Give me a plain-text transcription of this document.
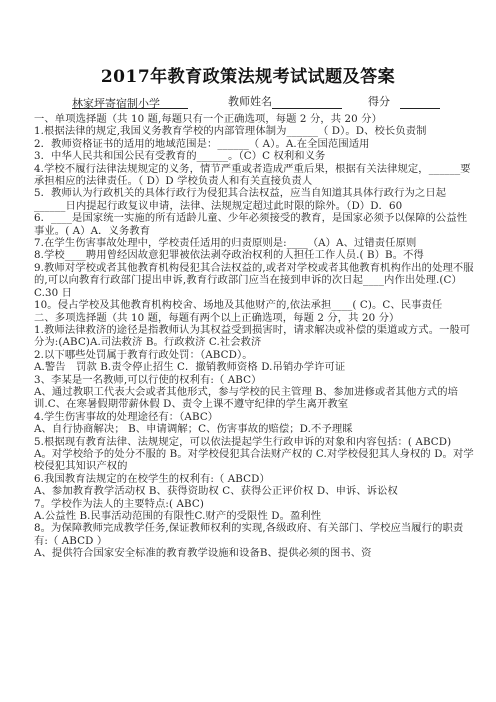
2017年教育政策法规考试试题及答案
林家坪寄宿制小学	教师姓名	得分

一、单项选择题（共 10 题,每题只有一个正确选项，每题 2 分，共 20 分）

1.根据法律的规定,我国义务教育学校的内部管理体制为______（ D）。D、校长负责制

2．教师资格证书的适用的地域范围是：______（ A）。A.在全国范围适用

3．中华人民共和国公民有受教育的______。（C）C 权利和义务

4.学校不履行法律法规规定的义务，情节严重或者造成严重后果，根据有关法律规定，______要承担相应的法律责任。（ D）D 学校负责人和有关直接负责人

5．教师认为行政机关的具体行政行为侵犯其合法权益，应当自知道其具体行政行为之日起______日内提起行政复议申请，法律、法规规定超过此时限的除外。（D）D．60

6．____是国家统一实施的所有适龄儿童、少年必须接受的教育，是国家必须予以保障的公益性事业。( A）A．义务教育

7.在学生伤害事故处理中，学校责任适用的归责原则是:____（A）A、过错责任原则

8.学校____聘用曾经因故意犯罪被依法剥夺政治权利的人担任工作人员.( B）B。不得

9.教师对学校或者其他教育机构侵犯其合法权益的,或者对学校或者其他教育机构作出的处理不服的,可以向教育行政部门提出申诉,教育行政部门应当在接到申诉的次日起____内作出处理.(C） C.30 日

10。侵占学校及其他教育机构校舍、场地及其他财产的,依法承担____( C)。C、民事责任

二、多项选择题（共 10 题，每题有两个以上正确选项，每题 2 分，共 20 分）

1.教师法律救济的途径是指教师认为其权益受到损害时，请求解决或补偿的渠道或方式。一般可分为:(ABC)A.司法救济 B。行政救济 C.社会救济

2.以下哪些处罚属于教育行政处罚：（ABCD）。

A.警告　罚款 B.责令停止招生 C．撤销教师资格 D.吊销办学许可证

3、李某是一名教师,可以行使的权利有:（ ABC）

A、通过教职工代表大会或者其他形式，参与学校的民主管理 B、参加进修或者其他方式的培训.C、在寒暑假期带薪休假 D、责令上课不遵守纪律的学生离开教室

4.学生伤害事故的处理途径有：（ABC）

A、自行协商解决； B、申请调解；C、伤害事故的赔偿；D.不予理睬

5.根据现有教育法律、法规规定，可以依法提起学生行政申诉的对象和内容包括：( ABCD)

A。对学校给予的处分不服的 B。对学校侵犯其合法财产权的 C.对学校侵犯其人身权的 D。对学校侵犯其知识产权的

6.我国教育法规定的在校学生的权利有:（ ABCD）

A、参加教育教学活动权 B、获得资助权 C、获得公正评价权 D、申诉、诉讼权

7。学校作为法人的主要特点:( ABC)

A.公益性 B.民事活动范围的有限性C.财产的受限性 D。盈利性

8。为保障教师完成教学任务,保证教师权利的实现,各级政府、有关部门、学校应当履行的职责有:（ ABCD ）

A、提供符合国家安全标准的教育教学设施和设备B、提供必须的图书、资
